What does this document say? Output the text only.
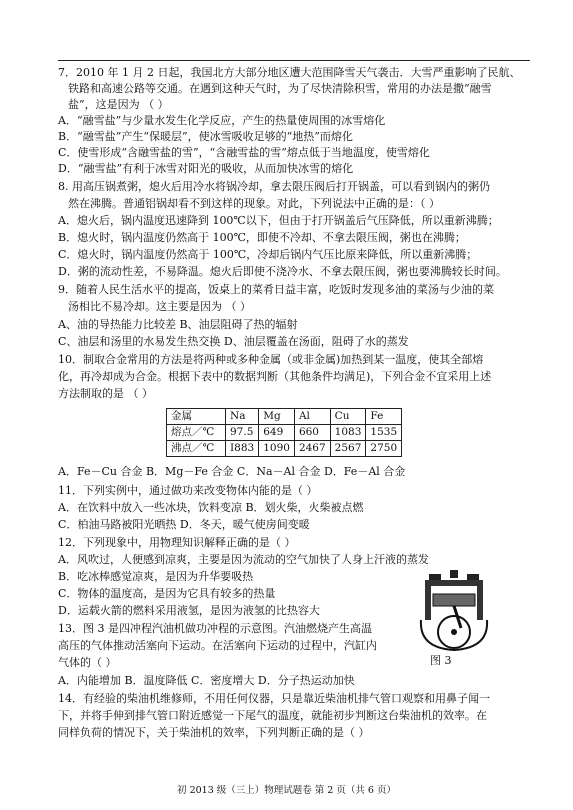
7．2010 年 1 月 2 日起，我国北方大部分地区遭大范围降雪天气袭击．大雪严重影响了民航、
铁路和高速公路等交通。在遇到这种天气时，为了尽快清除积雪，常用的办法是撒“融雪
盐”，这是因为 （ ）
A．“融雪盐”与少量水发生化学反应，产生的热量使周围的冰雪熔化
B．“融雪盐”产生“保暖层”，使冰雪吸收足够的“地热”而熔化
C．使雪形成“含融雪盐的雪”，“含融雪盐的雪”熔点低于当地温度，使雪熔化
D．“融雪盐”有利于冰雪对阳光的吸收，从而加快冰雪的熔化
8. 用高压锅煮粥，熄火后用冷水将锅冷却，拿去限压阀后打开锅盖，可以看到锅内的粥仍
然在沸腾。普通铝锅却看不到这样的现象。对此，下列说法中正确的是：（ ）
A．熄火后，锅内温度迅速降到 100℃以下，但由于打开锅盖后气压降低，所以重新沸腾；
B．熄火时，锅内温度仍然高于 100℃，即使不冷却、不拿去限压阀，粥也在沸腾；
C．熄火时，锅内温度仍然高于 100℃，冷却后锅内气压比原来降低，所以重新沸腾；
D．粥的流动性差，不易降温。熄火后即使不浇冷水、不拿去限压阀，粥也要沸腾较长时间。
9．随着人民生活水平的提高，饭桌上的菜肴日益丰富，吃饭时发现多油的菜汤与少油的菜
汤相比不易冷却。这主要是因为 （ ）
A、油的导热能力比较差 B、油层阻碍了热的辐射
C、油层和汤里的水易发生热交换 D、油层覆盖在汤面，阻碍了水的蒸发
10．制取合金常用的方法是将两种或多种金属（或非金属)加热到某一温度，使其全部熔
化，再冷却成为合金。根据下表中的数据判断（其他条件均满足)，下列合金不宜采用上述
方法制取的是 （ ）
金属	Na	Mg	Al	Cu	Fe
熔点／℃	97.5	649	660	1083	1535
沸点／℃	I883	1090	2467	2567	2750
A．Fe－Cu 合金 B．Mg－Fe 合金 C．Na－Al 合金 D．Fe－Al 合金
11．下列实例中，通过做功来改变物体内能的是（ ）
A．在饮料中放入一些冰块，饮料变凉 B．划火柴，火柴被点燃
C．柏油马路被阳光晒热 D．冬天，暖气使房间变暖
12．下列现象中，用物理知识解释正确的是（ ）
A．风吹过，人便感到凉爽，主要是因为流动的空气加快了人身上汗液的蒸发
B．吃冰棒感觉凉爽，是因为升华要吸热
C．物体的温度高，是因为它具有较多的热量
D．运载火箭的燃料采用液氢，是因为液氢的比热容大
13．图 3 是四冲程汽油机做功冲程的示意图。汽油燃烧产生高温
高压的气体推动活塞向下运动。在活塞向下运动的过程中，汽缸内
气体的（ ）
A．内能增加 B．温度降低 C．密度增大 D．分子热运动加快
图 3
14．有经验的柴油机维修师，不用任何仪器，只是靠近柴油机排气管口观察和用鼻子闻一
下，并将手伸到排气管口附近感觉一下尾气的温度，就能初步判断这台柴油机的效率。在
同样负荷的情况下，关于柴油机的效率，下列判断正确的是（ ）
初 2013 级（三上）物理试题卷 第 2 页（共 6 页）
